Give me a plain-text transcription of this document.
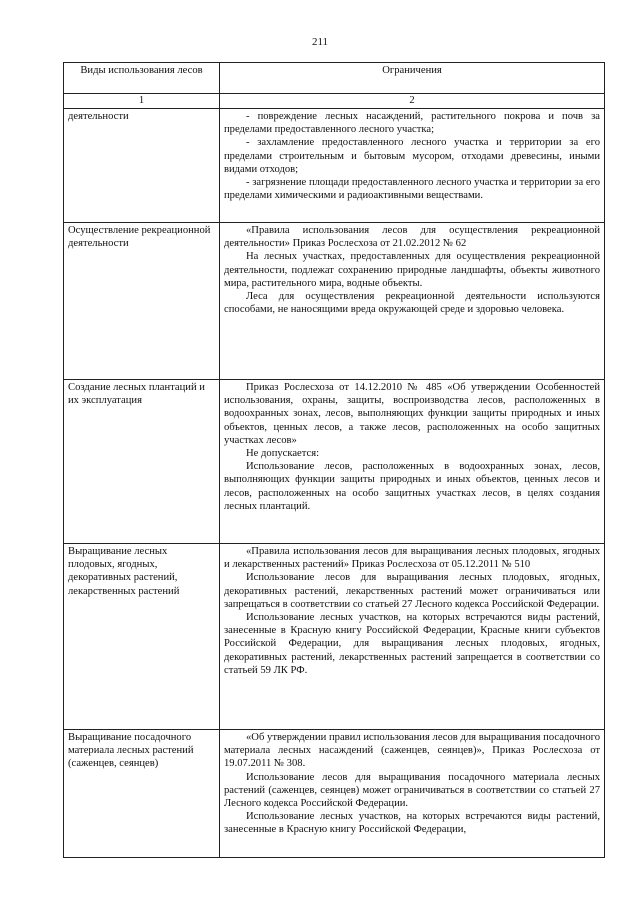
211
Виды использования лесов	Ограничения
1	2
деятельности	- повреждение лесных насаждений, растительного покрова и почв за пределами предоставленного лесного участка;

- захламление предоставленного лесного участка и территории за его пределами строительным и бытовым мусором, отходами древесины, иными видами отходов;

- загрязнение площади предоставленного лесного участка и территории за его пределами химическими и радиоактивными веществами.

Осуществление рекреационной деятельности	«Правила использования лесов для осуществления рекреационной деятельности» Приказ Рослесхоза от 21.02.2012 № 62

На лесных участках, предоставленных для осуществления рекреационной деятельности, подлежат сохранению природные ландшафты, объекты животного мира, растительного мира, водные объекты.

Леса для осуществления рекреационной деятельности используются способами, не наносящими вреда окружающей среде и здоровью человека.

Создание лесных плантаций и их эксплуатация	Приказ Рослесхоза от 14.12.2010 № 485 «Об утверждении Особенностей использования, охраны, защиты, воспроизводства лесов, расположенных в водоохранных зонах, лесов, выполняющих функции защиты природных и иных объектов, ценных лесов, а также лесов, расположенных на особо защитных участках лесов»

Не допускается:

Использование лесов, расположенных в водоохранных зонах, лесов, выполняющих функции защиты природных и иных объектов, ценных лесов и лесов, расположенных на особо защитных участках лесов, в целях создания лесных плантаций.

Выращивание лесных плодовых, ягодных, декоративных растений, лекарственных растений	«Правила использования лесов для выращивания лесных плодовых, ягодных и лекарственных растений» Приказ Рослесхоза от 05.12.2011 № 510

Использование лесов для выращивания лесных плодовых, ягодных, декоративных растений, лекарственных растений может ограничиваться или запрещаться в соответствии со статьей 27 Лесного кодекса Российской Федерации.

Использование лесных участков, на которых встречаются виды растений, занесенные в Красную книгу Российской Федерации, Красные книги субъектов Российской Федерации, для выращивания лесных плодовых, ягодных, декоративных растений, лекарственных растений запрещается в соответствии со статьей 59 ЛК РФ.

Выращивание посадочного материала лесных растений (саженцев, сеянцев)	«Об утверждении правил использования лесов для выращивания посадочного материала лесных насаждений (саженцев, сеянцев)», Приказ Рослесхоза от 19.07.2011 № 308.

Использование лесов для выращивания посадочного материала лесных растений (саженцев, сеянцев) может ограничиваться в соответствии со статьей 27 Лесного кодекса Российской Федерации.

Использование лесных участков, на которых встречаются виды растений, занесенные в Красную книгу Российской Федерации,
